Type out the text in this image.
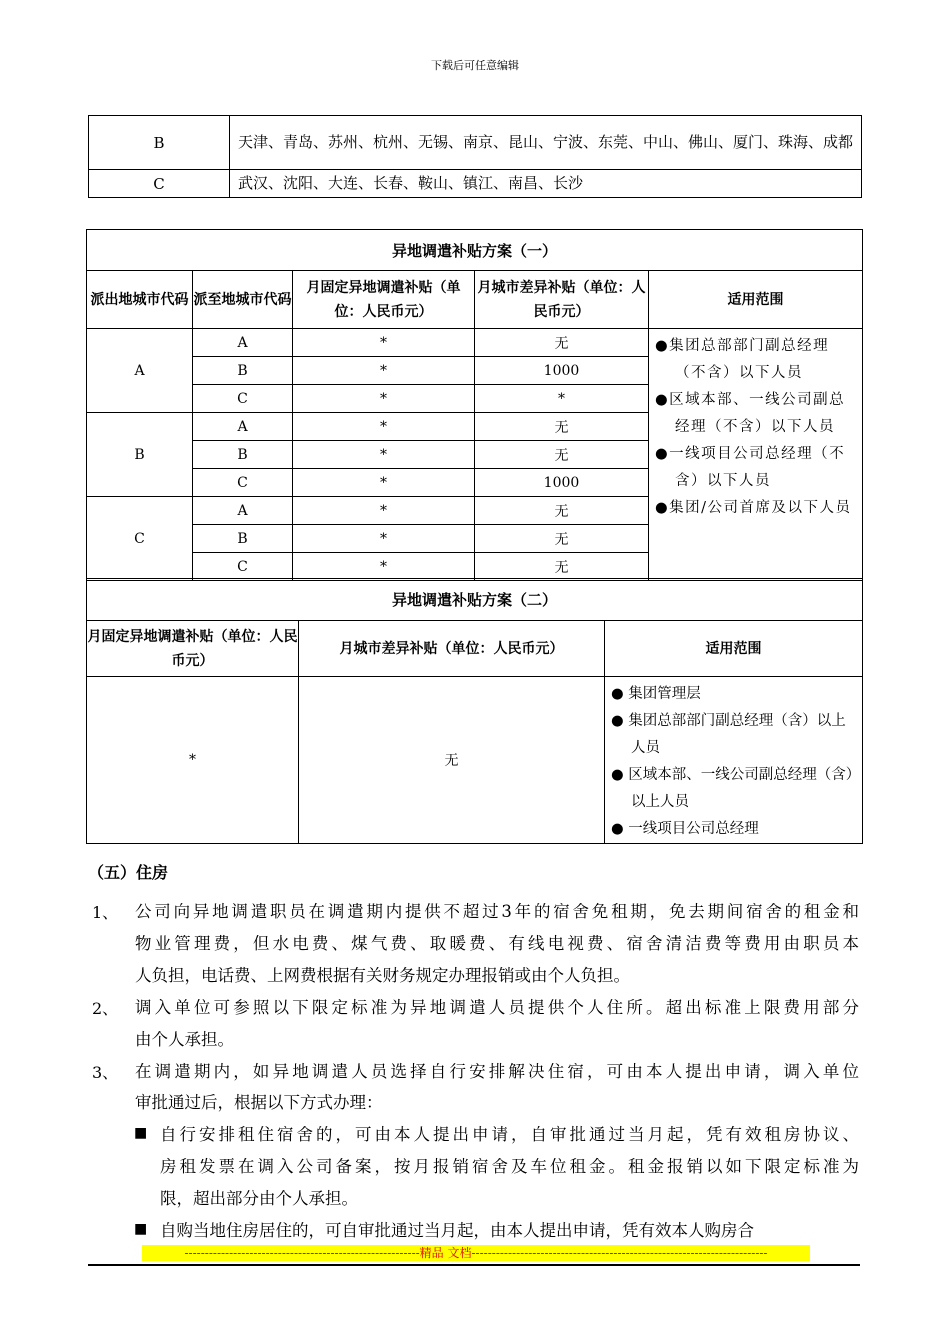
下载后可任意编辑
B	天津、青岛、苏州、杭州、无锡、南京、昆山、宁波、东莞、中山、佛山、厦门、珠海、成都
C	武汉、沈阳、大连、长春、鞍山、镇江、南昌、长沙
异地调遣补贴方案（一）				
派出地城市代码	派至地城市代码	月固定异地调遣补贴（单位：人民币元）	月城市差异补贴（单位：人民币元）	适用范围
A	A	*	无	●集团总部部门副总经理（不含）以下人员
●区域本部、一线公司副总经理（不含）以下人员
●一线项目公司总经理（不含）以下人员
●集团/公司首席及以下人员

	B	*	1000	
	C	*	*	
B	A	*	无	
	B	*	无	
	C	*	1000	
C	A	*	无	
	B	*	无	
	C	*	无	
异地调遣补贴方案（二）		
月固定异地调遣补贴（单位：人民币元）	月城市差异补贴（单位：人民币元）	适用范围
*	无	● 集团管理层
● 集团总部部门副总经理（含）以上人员
● 区域本部、一线公司副总经理（含）以上人员
● 一线项目公司总经理
（五）住房
1、 公司向异地调遣职员在调遣期内提供不超过3年的宿舍免租期，免去期间宿舍的租金和
物业管理费，但水电费、煤气费、取暖费、有线电视费、宿舍清洁费等费用由职员本
人负担，电话费、上网费根据有关财务规定办理报销或由个人负担。
2、 调入单位可参照以下限定标准为异地调遣人员提供个人住所。超出标准上限费用部分
由个人承担。
3、 在调遣期内，如异地调遣人员选择自行安排解决住宿，可由本人提出申请，调入单位
审批通过后，根据以下方式办理：
■ 自行安排租住宿舍的，可由本人提出申请，自审批通过当月起，凭有效租房协议、
房租发票在调入公司备案，按月报销宿舍及车位租金。租金报销以如下限定标准为
限，超出部分由个人承担。
■ 自购当地住房居住的，可自审批通过当月起，由本人提出申请，凭有效本人购房合
----------------------------------------------------------精品 文档-------------------------------------------------------------------------
